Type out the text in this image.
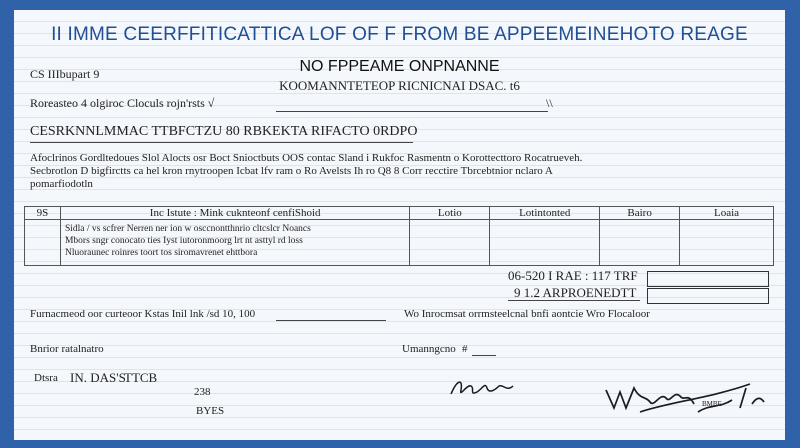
II IMME CEERFFITICATTICA LOF OF F FROM BE APPEEMEINEHOTO REAGE
NO FPPEAME ONPNANNE
KOOMANNTETEOP RICNICNAI DSAC. t6
CS IIIbupart 9
Roreasteo 4 olgiroc Cloculs rojn'rsts √	\\
CESRKNNLMMAC TTBFCTZU 80 RBKEKTA RIFACTO 0RDPO
Afoclrinos Gordltedoues Slol Alocts osr Boct Snioctbuts OOS contac Sland i Rukfoc Rasmentn o Korottecttoro Rocatrueveh.
Secbrotlon D bigfirctts ca hel kron rnytroopen Icbat lfv ram o Ro Avelsts Ih ro Q8 8 Corr recctire Tbrcebtnior nclaro A
pomarfiodotln
9S	Inc Istute : Mink cuknteonf cenfiShoid	Lotio	Lotintonted	Bairo	Loaia

	Sidla / vs scfrer Nerren ner ion w osccnontthnrio cltcslcr Noancs
Mbors sngr conocato ties Iyst iutoronmoorg lrt nt asttyl rd loss
Nluoraunec roinres toort tos siromavrenet ehttbora				

06-520 I RAE : 117 TRF
9 1.2 ARPROENEDTT
Furnacmeod oor curteoor Kstas Inil lnk /sd 10, 100	Wo Inrocmsat orrmsteelcnal bnfi aontcie Wro Flocaloor
Bnrior ratalnatro	Umanngcno #
Dtsra IN. DAS'S
TTCB
238
BYES
BMBE
